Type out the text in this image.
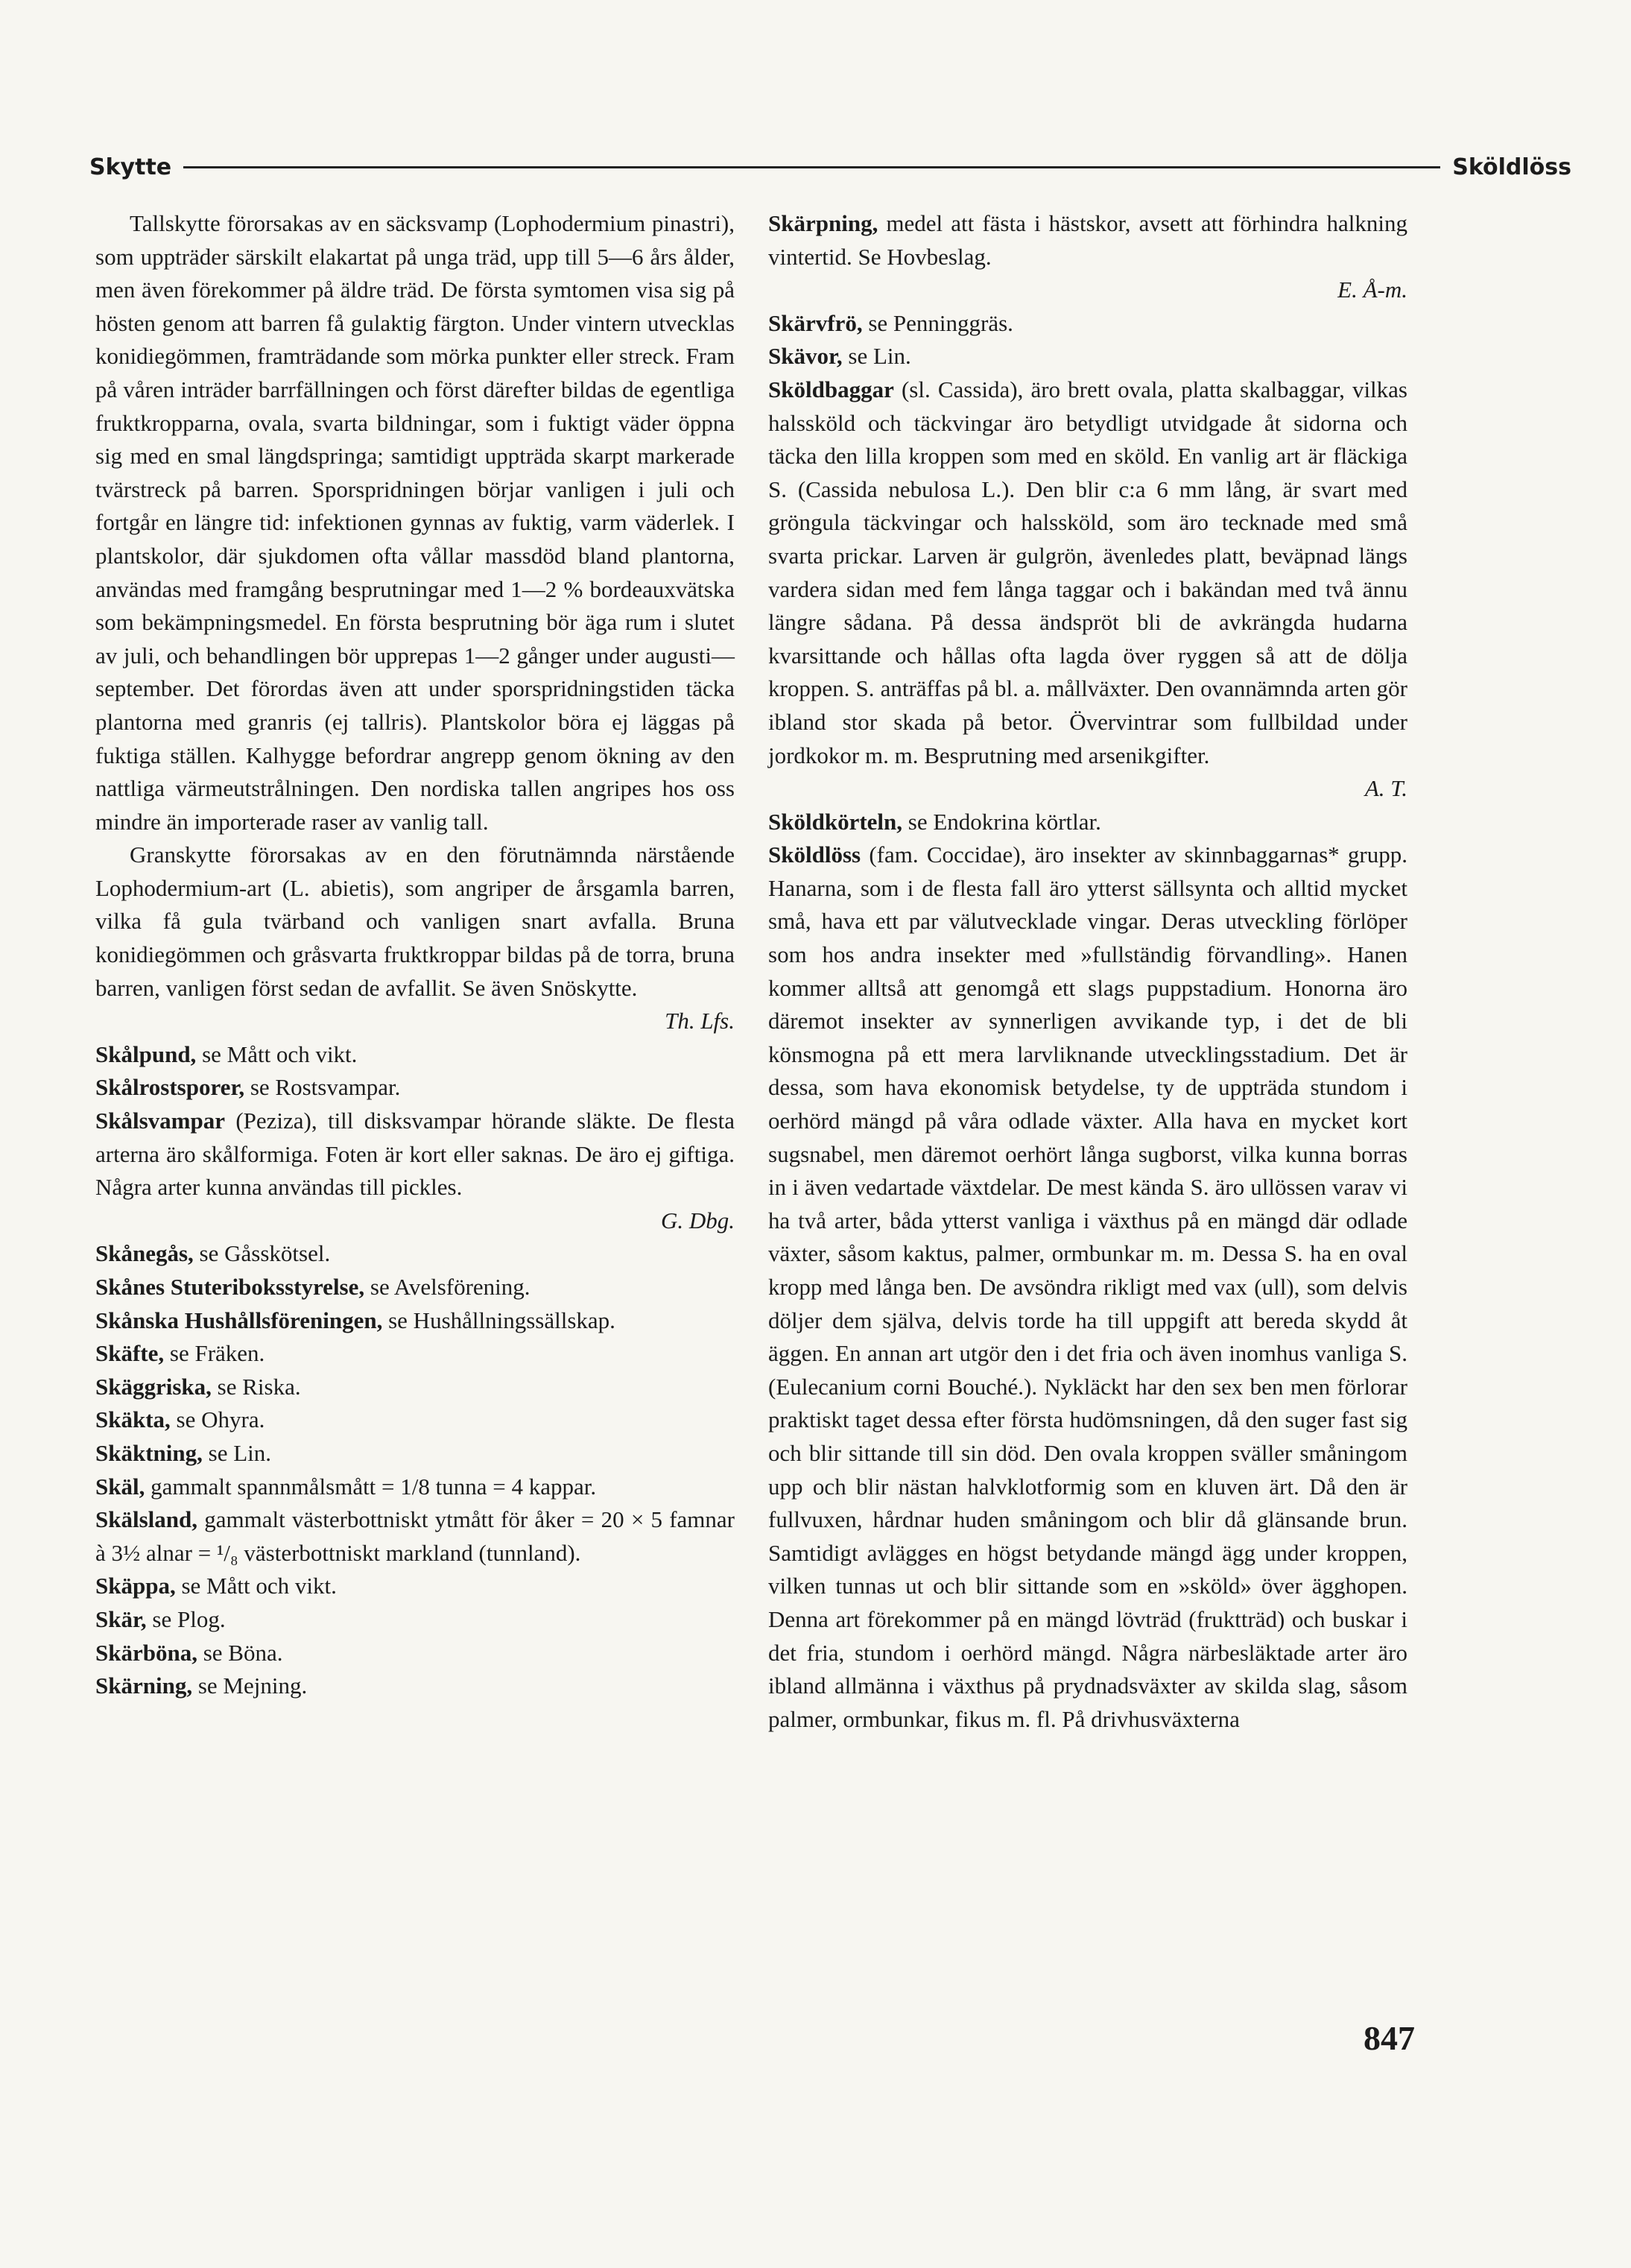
Skytte	Sköldlöss

Tallskytte förorsakas av en säcksvamp (Lophodermium pinastri), som uppträder särskilt elakartat på unga träd, upp till 5—6 års ålder, men även förekommer på äldre träd. De första symtomen visa sig på hösten genom att barren få gulaktig färgton. Under vintern utvecklas konidiegömmen, framträdande som mörka punkter eller streck. Fram på våren inträder barrfällningen och först därefter bildas de egentliga fruktkropparna, ovala, svarta bildningar, som i fuktigt väder öppna sig med en smal längdspringa; samtidigt uppträda skarpt markerade tvärstreck på barren. Sporspridningen börjar vanligen i juli och fortgår en längre tid: infektionen gynnas av fuktig, varm väderlek. I plantskolor, där sjukdomen ofta vållar massdöd bland plantorna, användas med framgång besprutningar med 1—2 % bordeauxvätska som bekämpningsmedel. En första besprutning bör äga rum i slutet av juli, och behandlingen bör upprepas 1—2 gånger under augusti—september. Det förordas även att under sporspridningstiden täcka plantorna med granris (ej tallris). Plantskolor böra ej läggas på fuktiga ställen. Kalhygge befordrar angrepp genom ökning av den nattliga värmeutstrålningen. Den nordiska tallen angripes hos oss mindre än importerade raser av vanlig tall.

Granskytte förorsakas av en den förutnämnda närstående Lophodermium-art (L. abietis), som angriper de årsgamla barren, vilka få gula tvärband och vanligen snart avfalla. Bruna konidiegömmen och gråsvarta fruktkroppar bildas på de torra, bruna barren, vanligen först sedan de avfallit. Se även Snöskytte.
Th. Lfs.

Skålpund, se Mått och vikt.

Skålrostsporer, se Rostsvampar.

Skålsvampar (Peziza), till disksvampar hörande släkte. De flesta arterna äro skålformiga. Foten är kort eller saknas. De äro ej giftiga. Några arter kunna användas till pickles.
G. Dbg.

Skånegås, se Gåsskötsel.

Skånes Stuteriboksstyrelse, se Avelsförening.

Skånska Hushållsföreningen, se Hushållningssällskap.

Skäfte, se Fräken.

Skäggriska, se Riska.

Skäkta, se Ohyra.

Skäktning, se Lin.

Skäl, gammalt spannmålsmått = 1/8 tunna = 4 kappar.

Skälsland, gammalt västerbottniskt ytmått för åker = 20 × 5 famnar à 3½ alnar = ¹/₈ västerbottniskt markland (tunnland).

Skäppa, se Mått och vikt.

Skär, se Plog.

Skärböna, se Böna.

Skärning, se Mejning.

Skärpning, medel att fästa i hästskor, avsett att förhindra halkning vintertid. Se Hovbeslag.
E. Å-m.

Skärvfrö, se Penninggräs.

Skävor, se Lin.

Sköldbaggar (sl. Cassida), äro brett ovala, platta skalbaggar, vilkas halssköld och täckvingar äro betydligt utvidgade åt sidorna och täcka den lilla kroppen som med en sköld. En vanlig art är fläckiga S. (Cassida nebulosa L.). Den blir c:a 6 mm lång, är svart med gröngula täckvingar och halssköld, som äro tecknade med små svarta prickar. Larven är gulgrön, ävenledes platt, beväpnad längs vardera sidan med fem långa taggar och i bakändan med två ännu längre sådana. På dessa ändspröt bli de avkrängda hudarna kvarsittande och hållas ofta lagda över ryggen så att de dölja kroppen. S. anträffas på bl. a. mållväxter. Den ovannämnda arten gör ibland stor skada på betor. Övervintrar som fullbildad under jordkokor m. m. Besprutning med arsenikgifter.
A. T.

Sköldkörteln, se Endokrina körtlar.

Sköldlöss (fam. Coccidae), äro insekter av skinnbaggarnas* grupp. Hanarna, som i de flesta fall äro ytterst sällsynta och alltid mycket små, hava ett par välutvecklade vingar. Deras utveckling förlöper som hos andra insekter med »fullständig förvandling». Hanen kommer alltså att genomgå ett slags puppstadium. Honorna äro däremot insekter av synnerligen avvikande typ, i det de bli könsmogna på ett mera larvliknande utvecklingsstadium. Det är dessa, som hava ekonomisk betydelse, ty de uppträda stundom i oerhörd mängd på våra odlade växter. Alla hava en mycket kort sugsnabel, men däremot oerhört långa sugborst, vilka kunna borras in i även vedartade växtdelar. De mest kända S. äro ullössen varav vi ha två arter, båda ytterst vanliga i växthus på en mängd där odlade växter, såsom kaktus, palmer, ormbunkar m. m. Dessa S. ha en oval kropp med långa ben. De avsöndra rikligt med vax (ull), som delvis döljer dem själva, delvis torde ha till uppgift att bereda skydd åt äggen. En annan art utgör den i det fria och även inomhus vanliga S. (Eulecanium corni Bouché.). Nykläckt har den sex ben men förlorar praktiskt taget dessa efter första hudömsningen, då den suger fast sig och blir sittande till sin död. Den ovala kroppen sväller småningom upp och blir nästan halvklotformig som en kluven ärt. Då den är fullvuxen, hårdnar huden småningom och blir då glänsande brun. Samtidigt avlägges en högst betydande mängd ägg under kroppen, vilken tunnas ut och blir sittande som en »sköld» över ägghopen. Denna art förekommer på en mängd lövträd (fruktträd) och buskar i det fria, stundom i oerhörd mängd. Några närbesläktade arter äro ibland allmänna i växthus på prydnadsväxter av skilda slag, såsom palmer, ormbunkar, fikus m. fl. På drivhusväxterna

847
